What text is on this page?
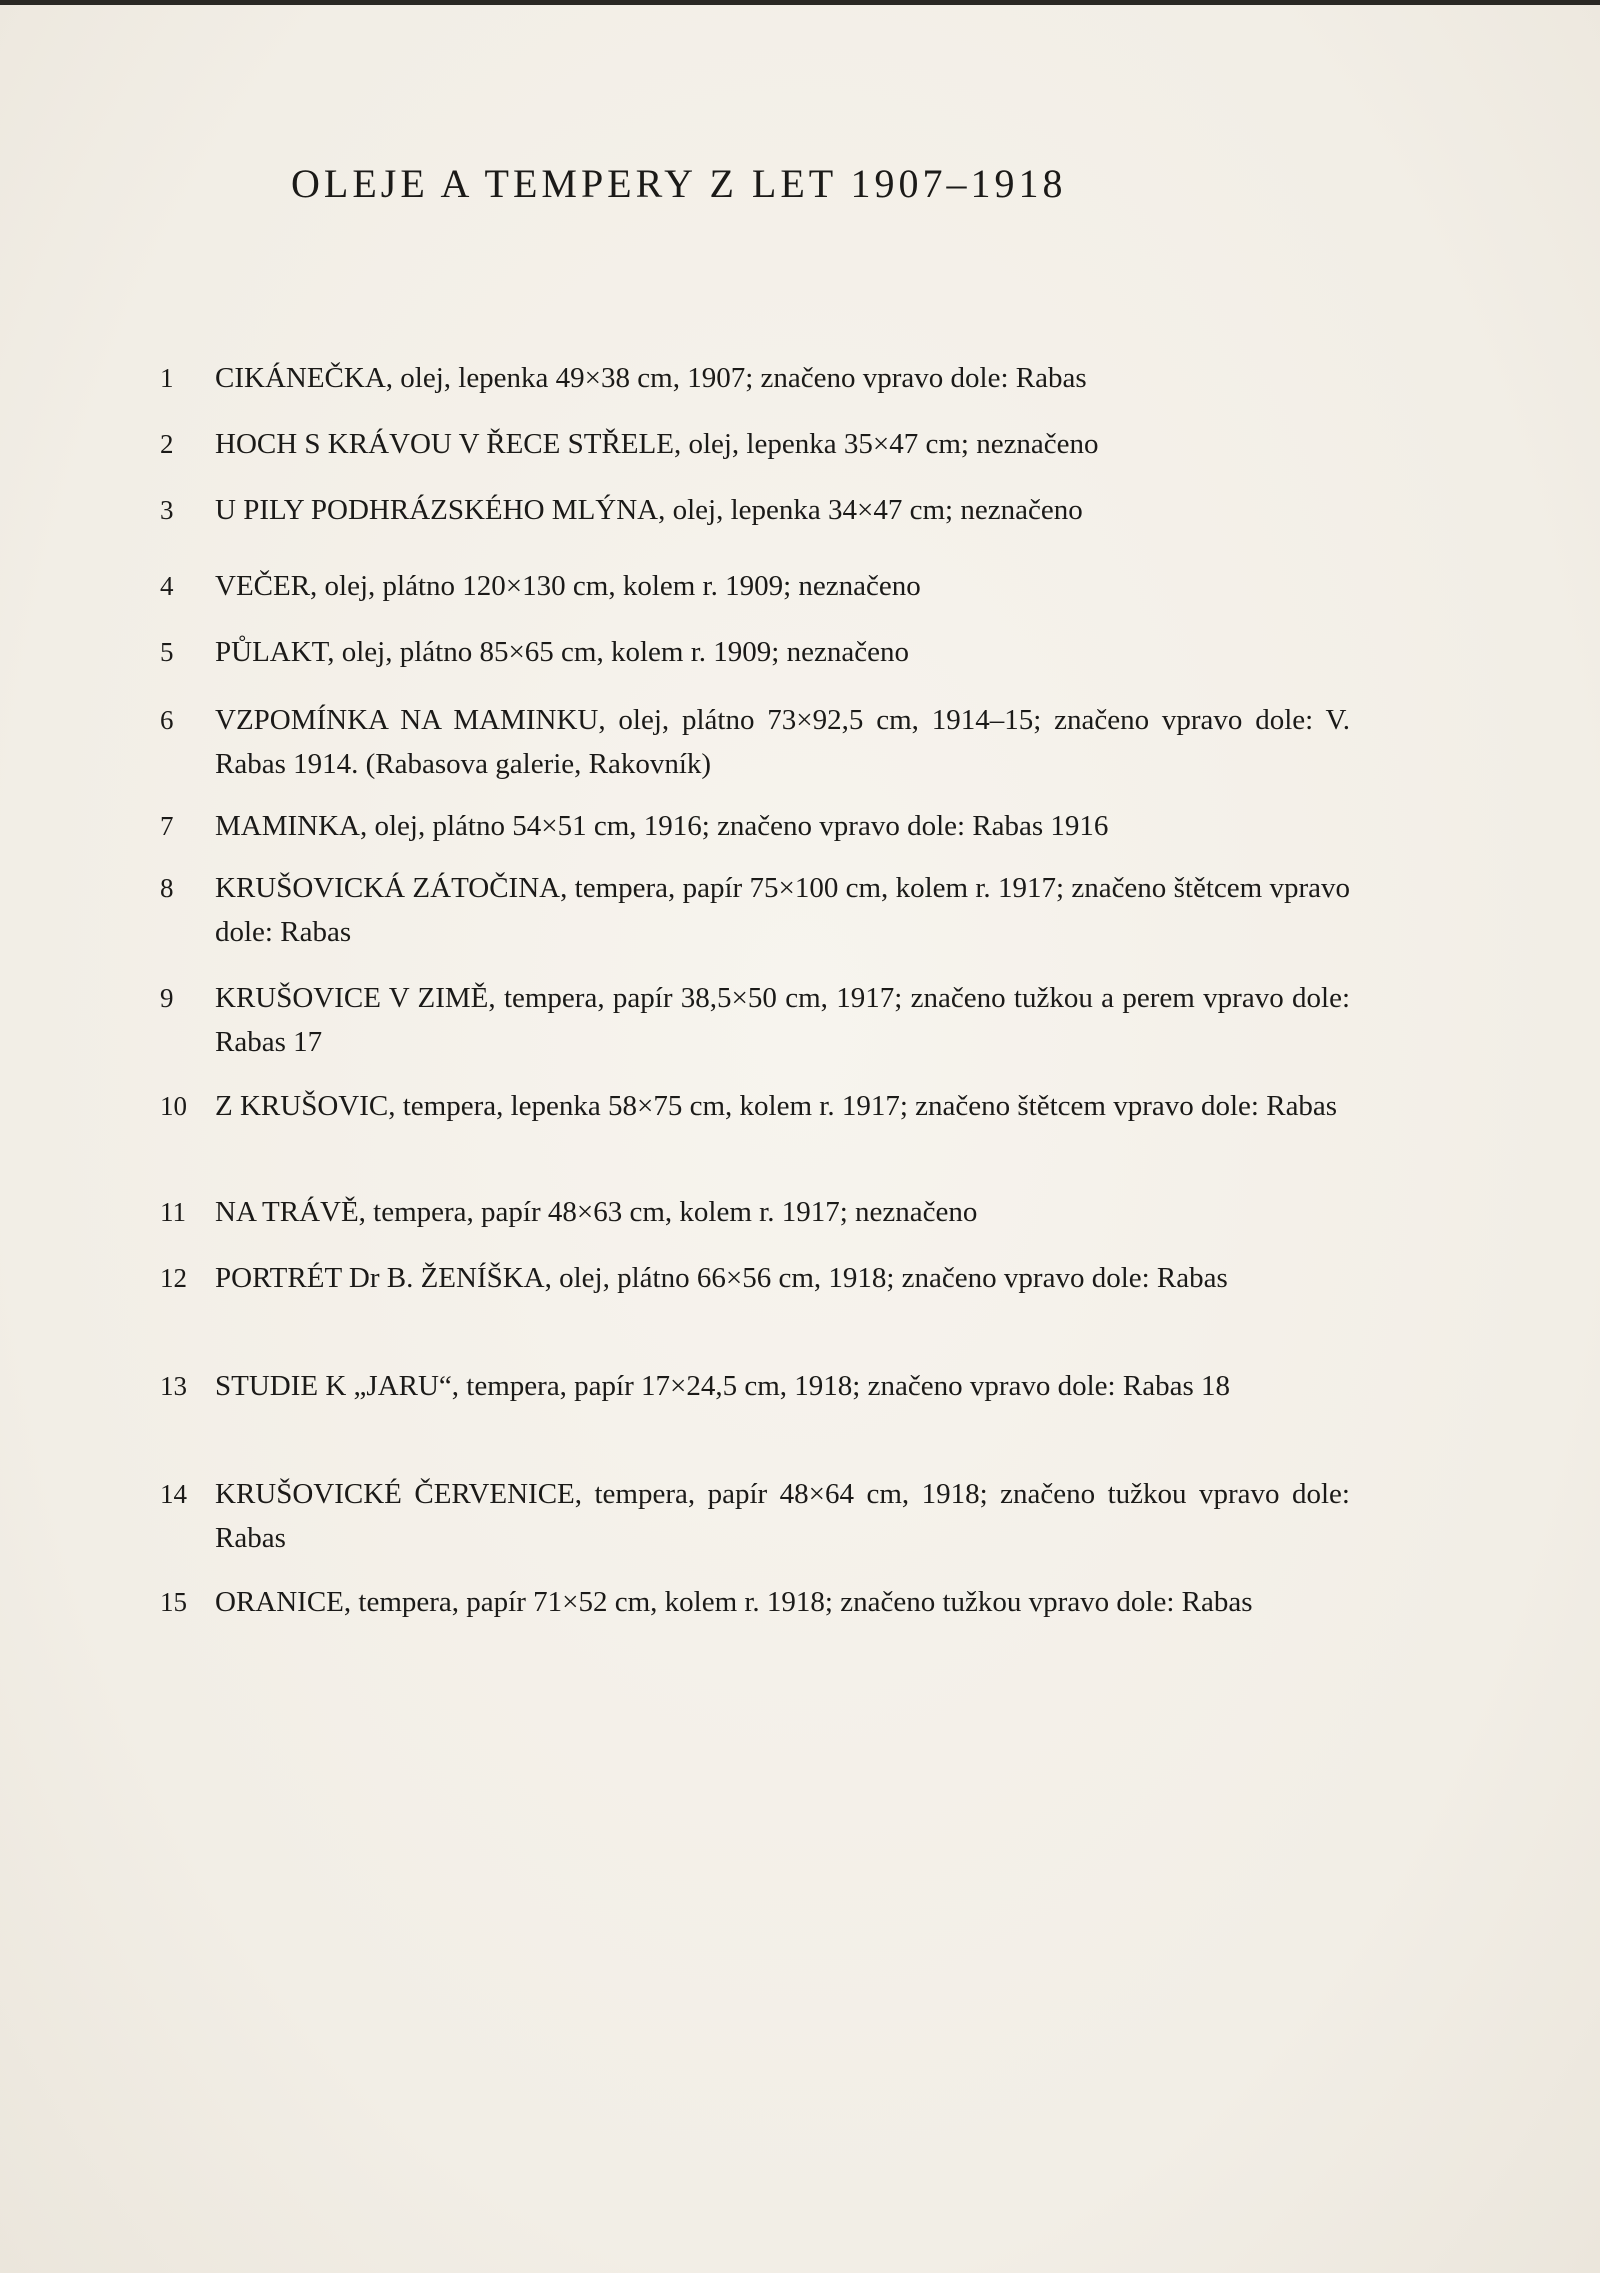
OLEJE A TEMPERY Z LET 1907–1918
1	CIKÁNEČKA, olej, lepenka 49×38 cm, 1907; značeno vpravo dole: Rabas
2	HOCH S KRÁVOU V ŘECE STŘELE, olej, lepenka 35×47 cm; neznačeno
3	U PILY PODHRÁZSKÉHO MLÝNA, olej, lepenka 34×47 cm; neznačeno
4	VEČER, olej, plátno 120×130 cm, kolem r. 1909; neznačeno
5	PŮLAKT, olej, plátno 85×65 cm, kolem r. 1909; neznačeno
6	VZPOMÍNKA NA MAMINKU, olej, plátno 73×92,5 cm, 1914–15; značeno vpravo dole: V. Rabas 1914. (Rabasova galerie, Rakovník)
7	MAMINKA, olej, plátno 54×51 cm, 1916; značeno vpravo dole: Rabas 1916
8	KRUŠOVICKÁ ZÁTOČINA, tempera, papír 75×100 cm, kolem r. 1917; značeno štětcem vpravo dole: Rabas
9	KRUŠOVICE V ZIMĚ, tempera, papír 38,5×50 cm, 1917; značeno tužkou a perem vpravo dole: Rabas 17
10 Z KRUŠOVIC, tempera, lepenka 58×75 cm, kolem r. 1917; značeno štětcem vpravo dole: Rabas
11	NA TRÁVĚ, tempera, papír 48×63 cm, kolem r. 1917; neznačeno
12 PORTRÉT Dr B. ŽENÍŠKA, olej, plátno 66×56 cm, 1918; značeno vpravo dole: Rabas
13 STUDIE K „JARU“, tempera, papír 17×24,5 cm, 1918; značeno vpravo dole: Rabas 18
14 KRUŠOVICKÉ ČERVENICE, tempera, papír 48×64 cm, 1918; značeno tužkou vpravo dole: Rabas
15 ORANICE, tempera, papír 71×52 cm, kolem r. 1918; značeno tužkou vpravo dole: Rabas
